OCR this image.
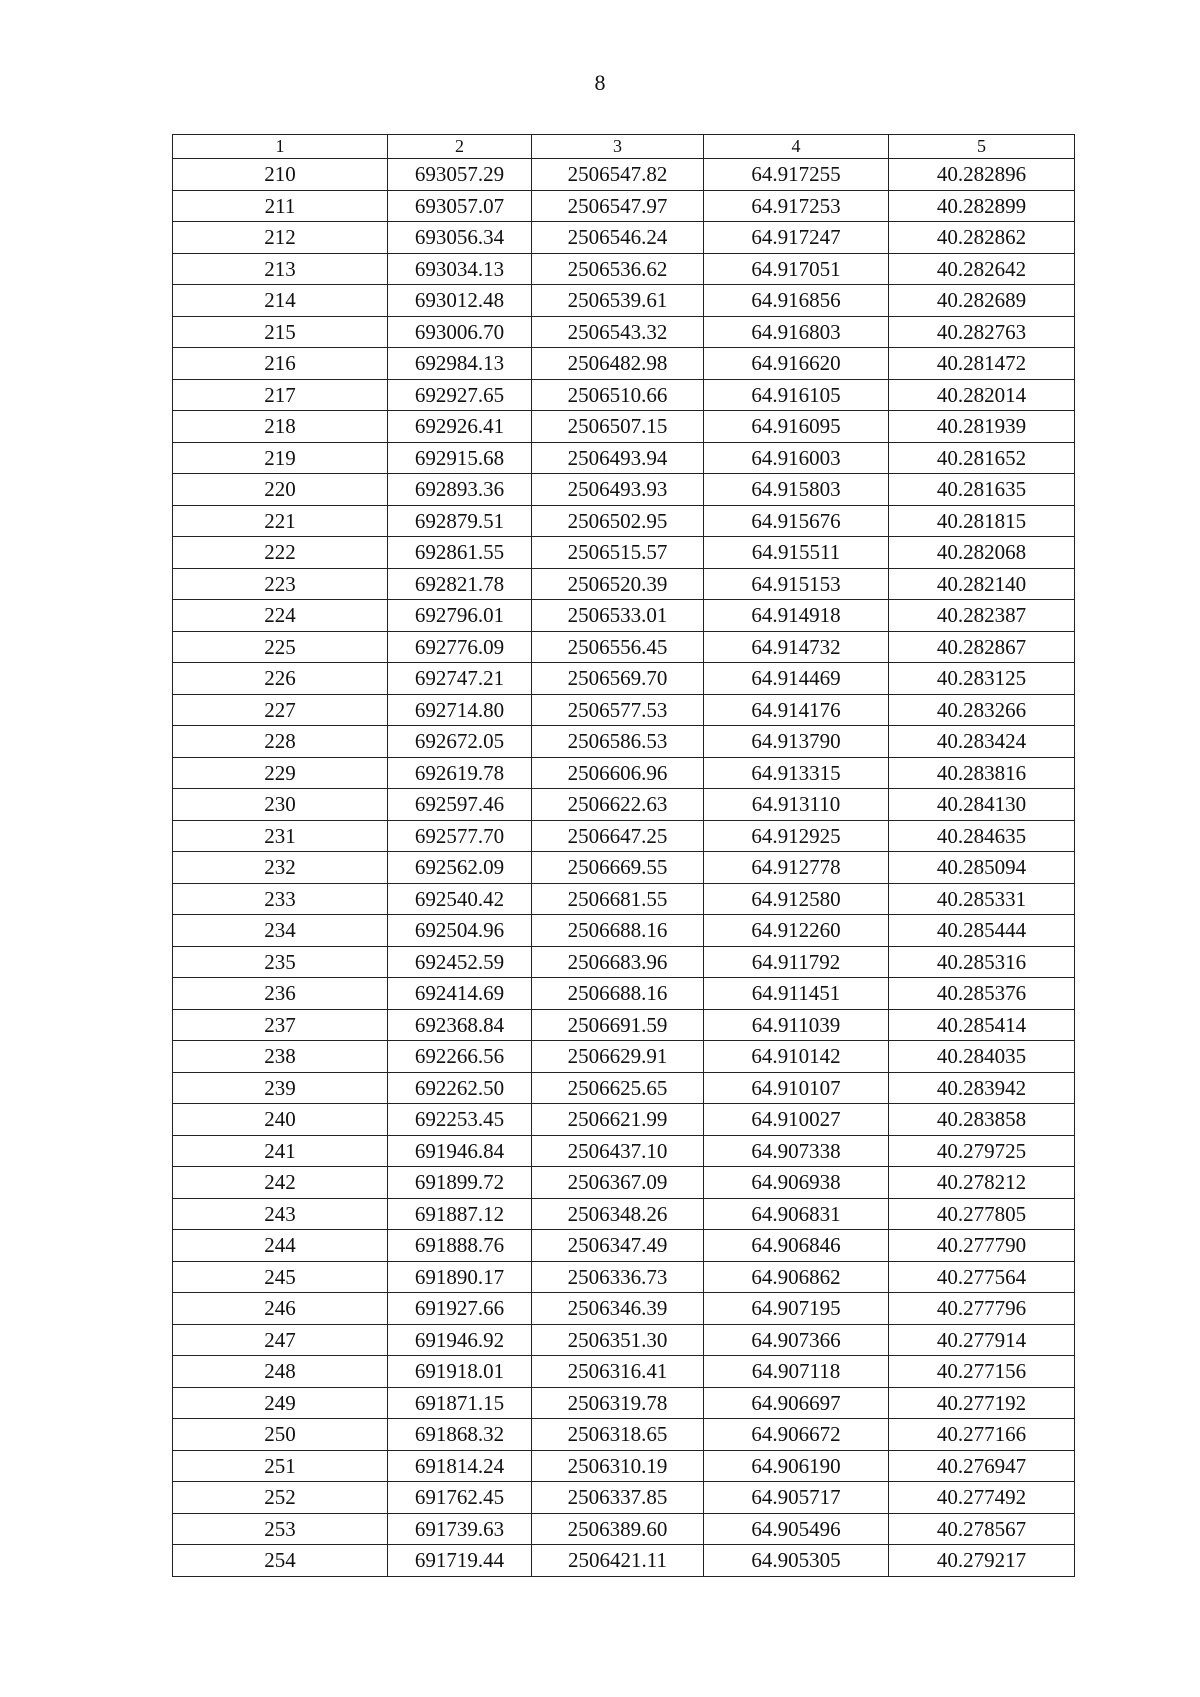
8
1	2	3	4	5
210	693057.29	2506547.82	64.917255	40.282896
211	693057.07	2506547.97	64.917253	40.282899
212	693056.34	2506546.24	64.917247	40.282862
213	693034.13	2506536.62	64.917051	40.282642
214	693012.48	2506539.61	64.916856	40.282689
215	693006.70	2506543.32	64.916803	40.282763
216	692984.13	2506482.98	64.916620	40.281472
217	692927.65	2506510.66	64.916105	40.282014
218	692926.41	2506507.15	64.916095	40.281939
219	692915.68	2506493.94	64.916003	40.281652
220	692893.36	2506493.93	64.915803	40.281635
221	692879.51	2506502.95	64.915676	40.281815
222	692861.55	2506515.57	64.915511	40.282068
223	692821.78	2506520.39	64.915153	40.282140
224	692796.01	2506533.01	64.914918	40.282387
225	692776.09	2506556.45	64.914732	40.282867
226	692747.21	2506569.70	64.914469	40.283125
227	692714.80	2506577.53	64.914176	40.283266
228	692672.05	2506586.53	64.913790	40.283424
229	692619.78	2506606.96	64.913315	40.283816
230	692597.46	2506622.63	64.913110	40.284130
231	692577.70	2506647.25	64.912925	40.284635
232	692562.09	2506669.55	64.912778	40.285094
233	692540.42	2506681.55	64.912580	40.285331
234	692504.96	2506688.16	64.912260	40.285444
235	692452.59	2506683.96	64.911792	40.285316
236	692414.69	2506688.16	64.911451	40.285376
237	692368.84	2506691.59	64.911039	40.285414
238	692266.56	2506629.91	64.910142	40.284035
239	692262.50	2506625.65	64.910107	40.283942
240	692253.45	2506621.99	64.910027	40.283858
241	691946.84	2506437.10	64.907338	40.279725
242	691899.72	2506367.09	64.906938	40.278212
243	691887.12	2506348.26	64.906831	40.277805
244	691888.76	2506347.49	64.906846	40.277790
245	691890.17	2506336.73	64.906862	40.277564
246	691927.66	2506346.39	64.907195	40.277796
247	691946.92	2506351.30	64.907366	40.277914
248	691918.01	2506316.41	64.907118	40.277156
249	691871.15	2506319.78	64.906697	40.277192
250	691868.32	2506318.65	64.906672	40.277166
251	691814.24	2506310.19	64.906190	40.276947
252	691762.45	2506337.85	64.905717	40.277492
253	691739.63	2506389.60	64.905496	40.278567
254	691719.44	2506421.11	64.905305	40.279217
